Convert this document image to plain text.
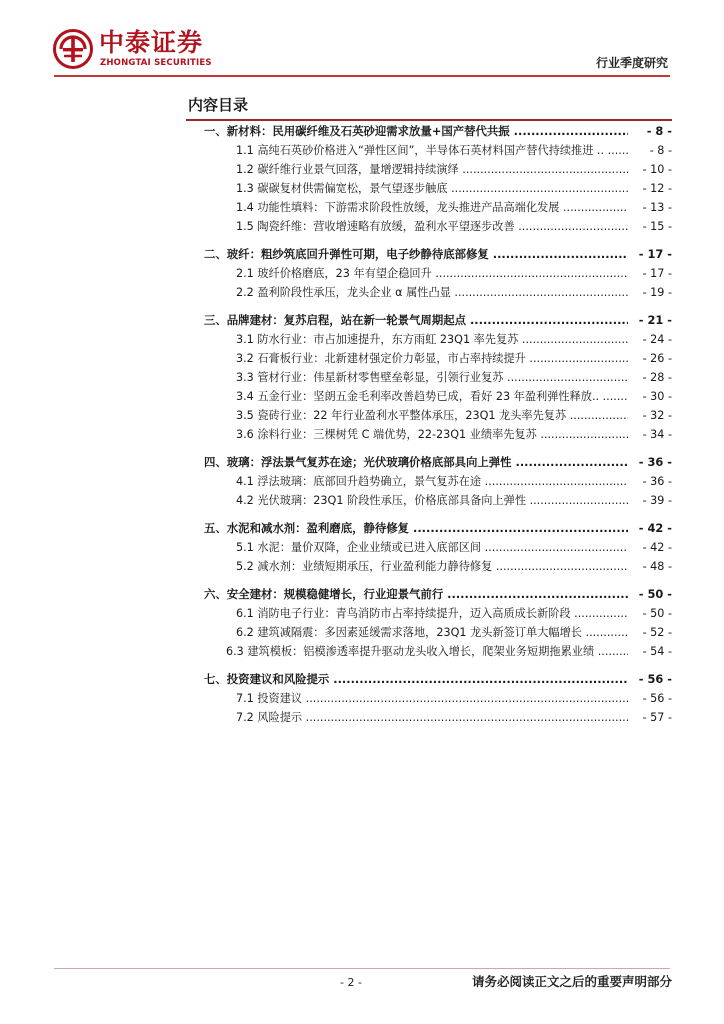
中泰证券
ZHONGTAI SECURITIES	行业季度研究
内容目录
一、新材料：民用碳纤维及石英砂迎需求放量+国产替代共振 .....	- 8 -
1.1 高纯石英砂价格进入“弹性区间”，半导体石英材料国产替代持续推进 .. .....	- 8 -
1.2 碳纤维行业景气回落，量增逻辑持续演绎 .....	- 10 -
1.3 碳碳复材供需偏宽松，景气望逐步触底 .....	- 12 -
1.4 功能性填料：下游需求阶段性放缓，龙头推进产品高端化发展 .....	- 13 -
1.5 陶瓷纤维：营收增速略有放缓，盈利水平望逐步改善 .....	- 15 -
二、玻纤：粗纱筑底回升弹性可期，电子纱静待底部修复 .....	- 17 -
2.1 玻纤价格磨底，23 年有望企稳回升 .....	- 17 -
2.2 盈利阶段性承压，龙头企业 α 属性凸显 .....	- 19 -
三、品牌建材：复苏启程，站在新一轮景气周期起点 .....	- 21 -
3.1 防水行业：市占加速提升，东方雨虹 23Q1 率先复苏 .....	- 24 -
3.2 石膏板行业：北新建材强定价力彰显，市占率持续提升 .....	- 26 -
3.3 管材行业：伟星新材零售壁垒彰显，引领行业复苏 .....	- 28 -
3.4 五金行业：坚朗五金毛利率改善趋势已成，看好 23 年盈利弹性释放.. .....	- 30 -
3.5 瓷砖行业：22 年行业盈利水平整体承压，23Q1 龙头率先复苏 .....	- 32 -
3.6 涂料行业：三棵树凭 C 端优势，22-23Q1 业绩率先复苏 .....	- 34 -
四、玻璃：浮法景气复苏在途；光伏玻璃价格底部具向上弹性 .....	- 36 -
4.1 浮法玻璃：底部回升趋势确立，景气复苏在途 .....	- 36 -
4.2 光伏玻璃：23Q1 阶段性承压，价格底部具备向上弹性 .....	- 39 -
五、水泥和减水剂：盈利磨底，静待修复 .....	- 42 -
5.1 水泥：量价双降，企业业绩或已进入底部区间 .....	- 42 -
5.2 减水剂：业绩短期承压，行业盈利能力静待修复 .....	- 48 -
六、安全建材：规模稳健增长，行业迎景气前行 .....	- 50 -
6.1 消防电子行业：青鸟消防市占率持续提升，迈入高质成长新阶段 .....	- 50 -
6.2 建筑减隔震：多因素延缓需求落地，23Q1 龙头新签订单大幅增长 .....	- 52 -
6.3 建筑模板：铝模渗透率提升驱动龙头收入增长，爬架业务短期拖累业绩 .....	- 54 -
七、投资建议和风险提示 .....	- 56 -
7.1 投资建议 .....	- 56 -
7.2 风险提示 .....	- 57 -
- 2 -	请务必阅读正文之后的重要声明部分
